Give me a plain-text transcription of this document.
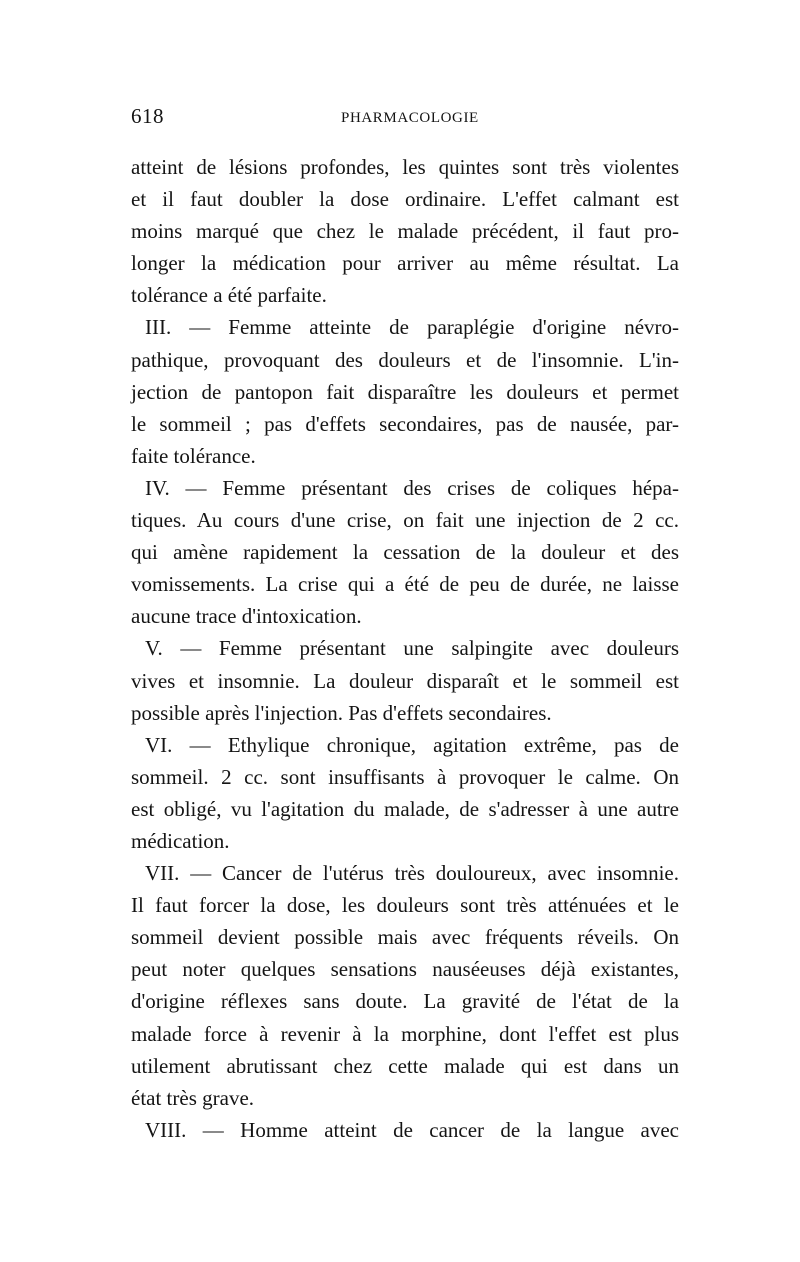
618	PHARMACOLOGIE
atteint de lésions profondes, les quintes sont très violentes
et il faut doubler la dose ordinaire. L'effet calmant est
moins marqué que chez le malade précédent, il faut pro-
longer la médication pour arriver au même résultat. La
tolérance a été parfaite.
III. — Femme atteinte de paraplégie d'origine névro-
pathique, provoquant des douleurs et de l'insomnie. L'in-
jection de pantopon fait disparaître les douleurs et permet
le sommeil ; pas d'effets secondaires, pas de nausée, par-
faite tolérance.
IV. — Femme présentant des crises de coliques hépa-
tiques. Au cours d'une crise, on fait une injection de 2 cc.
qui amène rapidement la cessation de la douleur et des
vomissements. La crise qui a été de peu de durée, ne laisse
aucune trace d'intoxication.
V. — Femme présentant une salpingite avec douleurs
vives et insomnie. La douleur disparaît et le sommeil est
possible après l'injection. Pas d'effets secondaires.
VI. — Ethylique chronique, agitation extrême, pas de
sommeil. 2 cc. sont insuffisants à provoquer le calme. On
est obligé, vu l'agitation du malade, de s'adresser à une autre
médication.
VII. — Cancer de l'utérus très douloureux, avec insomnie.
Il faut forcer la dose, les douleurs sont très atténuées et le
sommeil devient possible mais avec fréquents réveils. On
peut noter quelques sensations nauséeuses déjà existantes,
d'origine réflexes sans doute. La gravité de l'état de la
malade force à revenir à la morphine, dont l'effet est plus
utilement abrutissant chez cette malade qui est dans un
état très grave.
VIII. — Homme atteint de cancer de la langue avec
